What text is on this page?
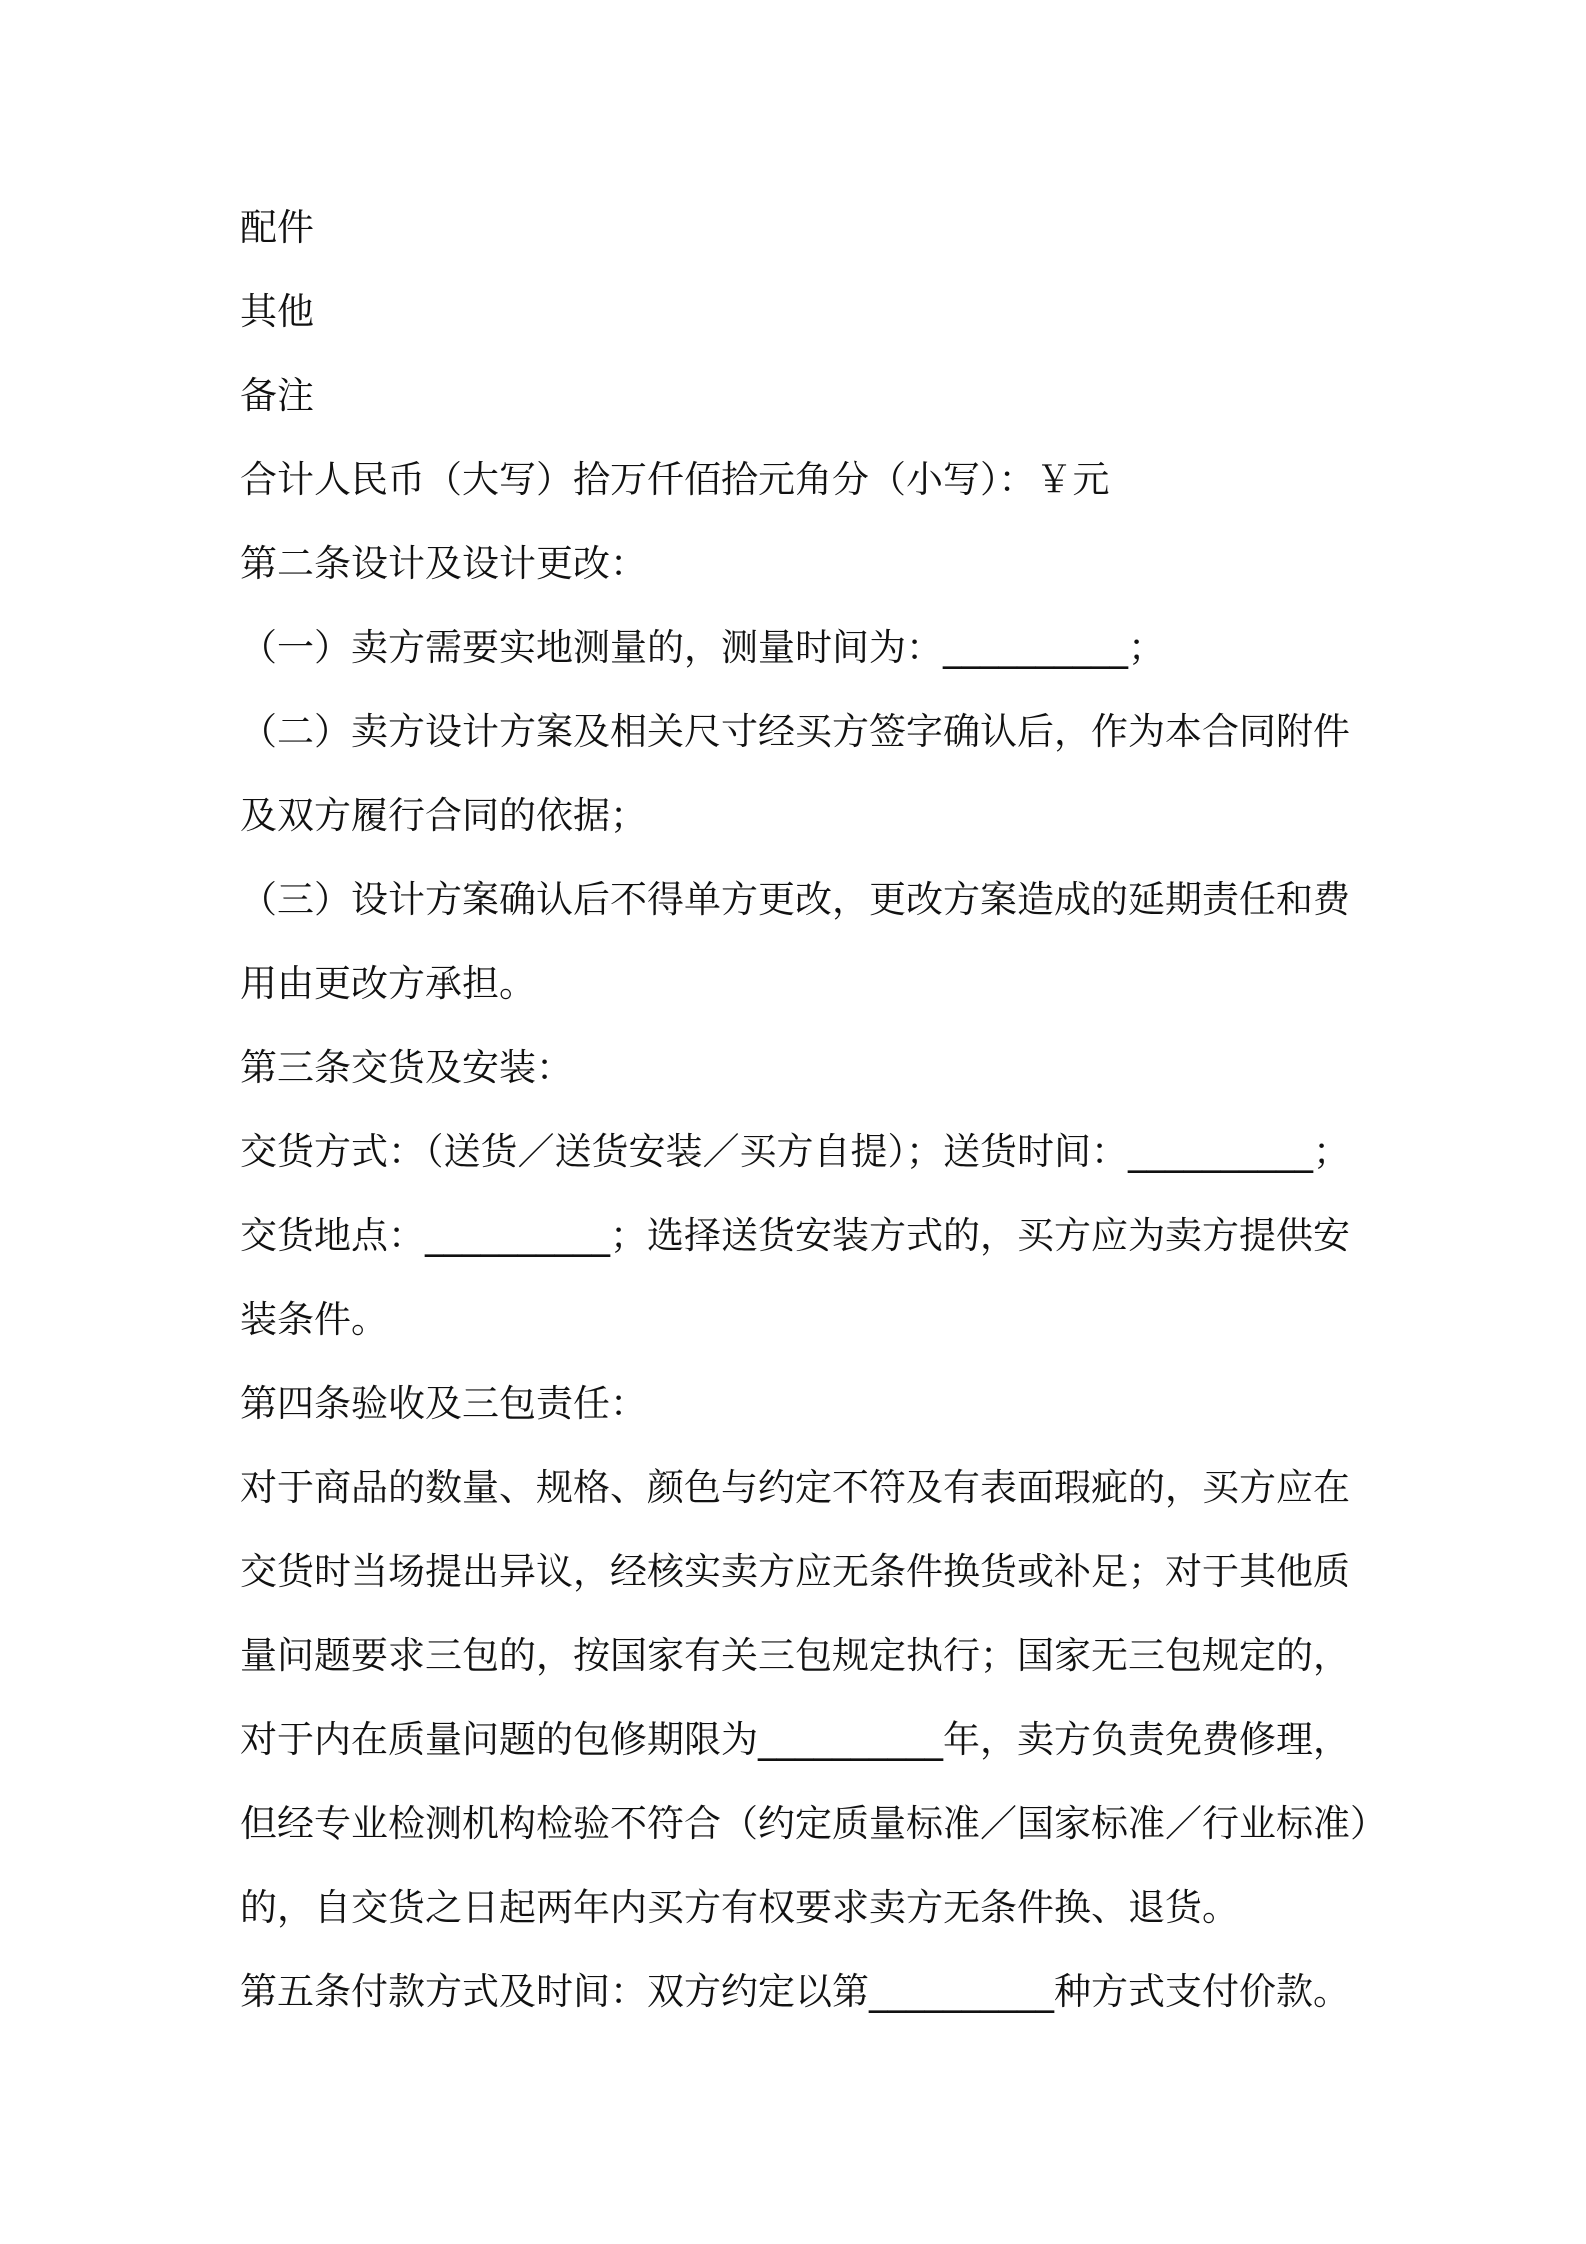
配件
其他
备注
合计人民币（大写）拾万仟佰拾元角分（小写）：￥元
第二条设计及设计更改：
（一）卖方需要实地测量的，测量时间为：__________；
（二）卖方设计方案及相关尺寸经买方签字确认后，作为本合同附件
及双方履行合同的依据；
（三）设计方案确认后不得单方更改，更改方案造成的延期责任和费
用由更改方承担。
第三条交货及安装：
交货方式：（送货／送货安装／买方自提）；送货时间：__________；
交货地点：__________；选择送货安装方式的，买方应为卖方提供安
装条件。
第四条验收及三包责任：
对于商品的数量、规格、颜色与约定不符及有表面瑕疵的，买方应在
交货时当场提出异议，经核实卖方应无条件换货或补足；对于其他质
量问题要求三包的，按国家有关三包规定执行；国家无三包规定的，
对于内在质量问题的包修期限为__________年，卖方负责免费修理，
但经专业检测机构检验不符合（约定质量标准／国家标准／行业标准）
的，自交货之日起两年内买方有权要求卖方无条件换、退货。
第五条付款方式及时间：双方约定以第__________种方式支付价款。
